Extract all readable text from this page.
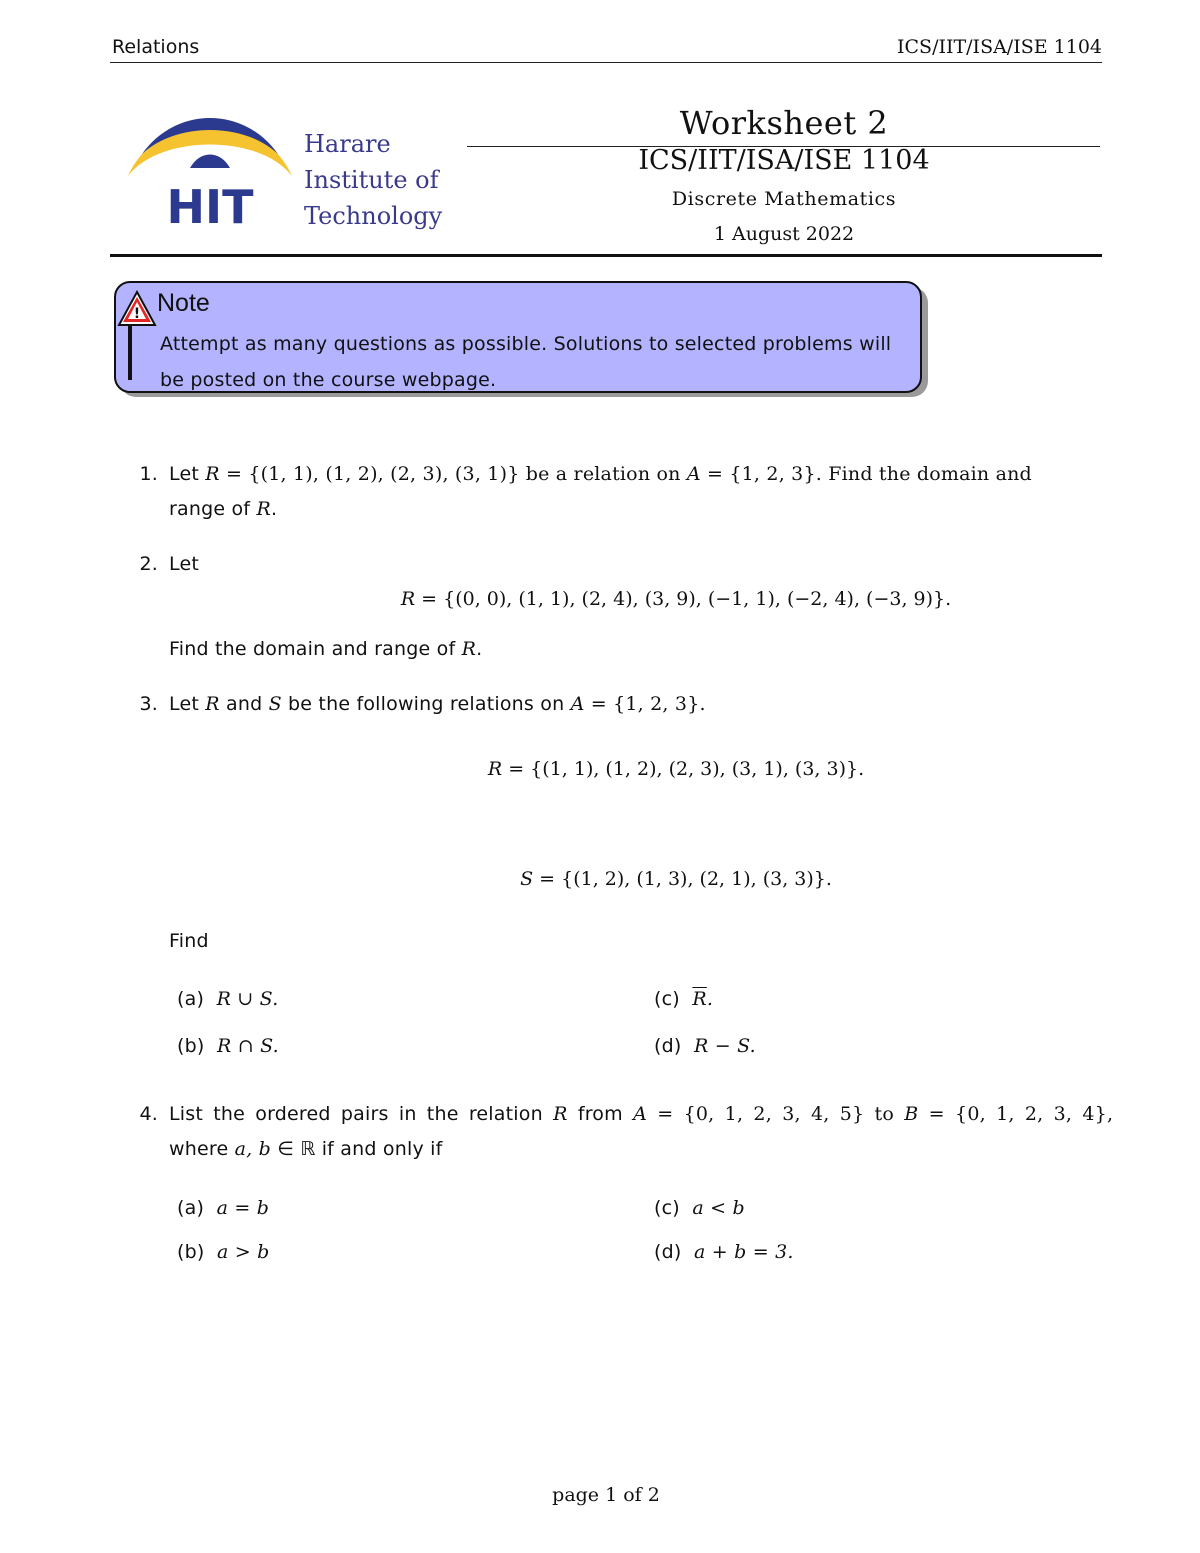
Relations	ICS/IIT/ISA/ISE 1104
HIT
Harare
Institute of
Technology
Worksheet 2
ICS/IIT/ISA/ISE 1104
Discrete Mathematics
1 August 2022
! Note
Attempt as many questions as possible. Solutions to selected problems will be posted on the course webpage.
1. Let R = {(1, 1), (1, 2), (2, 3), (3, 1)} be a relation on A = {1, 2, 3}. Find the domain and
range of R.
2. Let
R = {(0, 0), (1, 1), (2, 4), (3, 9), (−1, 1), (−2, 4), (−3, 9)}.
Find the domain and range of R.
3. Let R and S be the following relations on A = {1, 2, 3}.
R = {(1, 1), (1, 2), (2, 3), (3, 1), (3, 3)}.
S = {(1, 2), (1, 3), (2, 1), (3, 3)}.
Find
(a) R ∪ S.
(b) R ∩ S.
(c) $\overline{R}$.
(d) R − S.
4. List the ordered pairs in the relation R from A = {0, 1, 2, 3, 4, 5} to B = {0, 1, 2, 3, 4},
where a, b ∈ ℝ if and only if
(a) a = b
(b) a > b
(c) a < b
(d) a + b = 3.
page 1 of 2
